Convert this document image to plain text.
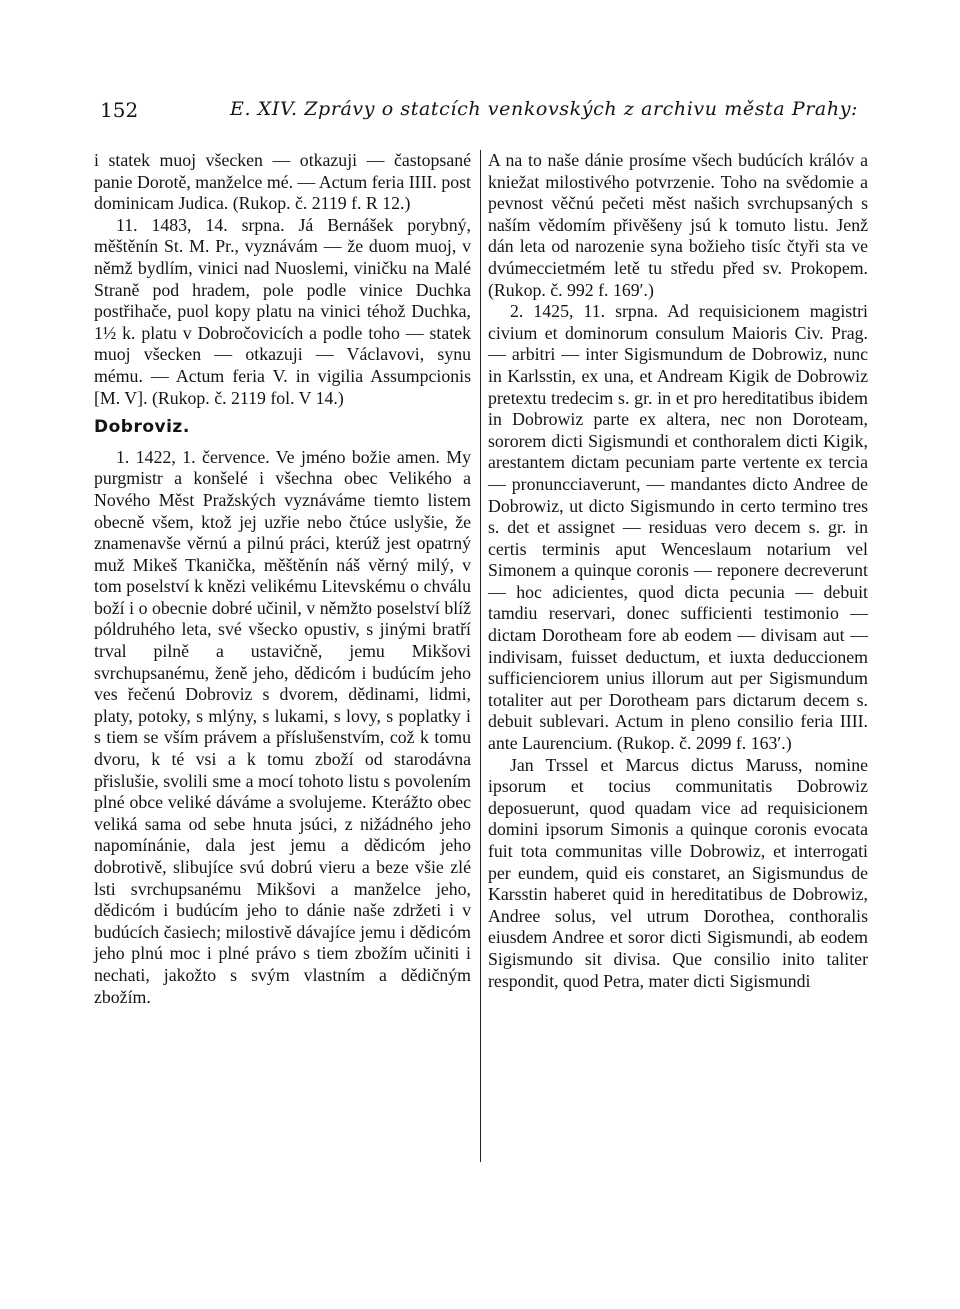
152	E. XIV. Zprávy o statcích venkovských z archivu města Prahy:

i statek muoj všecken — otkazuji — častopsané panie Dorotě, manželce mé. — Actum feria IIII. post dominicam Judica. (Rukop. č. 2119 f. R 12.)

11. 1483, 14. srpna. Já Bernášek porybný, měštěnín St. M. Pr., vyznávám — že duom muoj, v němž bydlím, vinici nad Nuoslemi, viničku na Malé Straně pod hradem, pole podle vinice Duchka postřihače, puol kopy platu na vinici téhož Duchka, 1½ k. platu v Dobročovicích a podle toho — statek muoj všecken — otkazuji — Václavovi, synu mému. — Actum feria V. in vigilia Assumpcionis [M. V]. (Rukop. č. 2119 fol. V 14.)

Dobroviz.

1. 1422, 1. července. Ve jméno božie amen. My purgmistr a konšelé i všechna obec Velikého a Nového Měst Pražských vyznáváme tiemto listem obecně všem, ktož jej uzřie nebo čtúce uslyšie, že znamenavše věrnú a pilnú práci, kterúž jest opatrný muž Mikeš Tkanička, měštěnín náš věrný milý, v tom poselství k knězi velikému Litevskému o chválu boží i o obecnie dobré učinil, v němžto poselství blíž póldruhého leta, své všecko opustiv, s jinými bratří trval pilně a ustavičně, jemu Mikšovi svrchupsanému, ženě jeho, dědicóm i budúcím jeho ves řečenú Dobroviz s dvorem, dědinami, lidmi, platy, potoky, s mlýny, s lukami, s lovy, s poplatky i s tiem se vším právem a příslušenstvím, což k tomu dvoru, k té vsi a k tomu zboží od starodávna přislušie, svolili sme a mocí tohoto listu s povolením plné obce veliké dáváme a svolujeme. Kterážto obec veliká sama od sebe hnuta jsúci, z nižádného jeho napomínánie, dala jest jemu a dědicóm jeho dobrotivě, slibujíce svú dobrú vieru a beze všie zlé lsti svrchupsanému Mikšovi a manželce jeho, dědicóm i budúcím jeho to dánie naše zdržeti i v budúcích časiech; milostivě dávajíce jemu i dědicóm jeho plnú moc i plné právo s tiem zbožím učiniti i nechati, jakožto s svým vlastním a dědičným zbožím.

A na to naše dánie prosíme všech budúcích králóv a kniežat milostivého potvrzenie. Toho na svědomie a pevnost věčnú pečeti měst našich svrchupsaných s naším vědomím přivěšeny jsú k tomuto listu. Jenž dán leta od narozenie syna božieho tisíc čtyři sta ve dvúmeccietmém letě tu středu před sv. Prokopem. (Rukop. č. 992 f. 169′.)

2. 1425, 11. srpna. Ad requisicionem magistri civium et dominorum consulum Maioris Civ. Prag. — arbitri — inter Sigismundum de Dobrowiz, nunc in Karlsstin, ex una, et Andream Kigik de Dobrowiz pretextu tredecim s. gr. in et pro hereditatibus ibidem in Dobrowiz parte ex altera, nec non Doroteam, sororem dicti Sigismundi et conthoralem dicti Kigik, arestantem dictam pecuniam parte vertente ex tercia — pronuncciaverunt, — mandantes dicto Andree de Dobrowiz, ut dicto Sigismundo in certo termino tres s. det et assignet — residuas vero decem s. gr. in certis terminis aput Wenceslaum notarium vel Simonem a quinque coronis — reponere decreverunt — hoc adicientes, quod dicta pecunia — debuit tamdiu reservari, donec sufficienti testimonio — dictam Dorotheam fore ab eodem — divisam aut — indivisam, fuisset deductum, et iuxta deduccionem sufficienciorem unius illorum aut per Sigismundum totaliter aut per Dorotheam pars dictarum decem s. debuit sublevari. Actum in pleno consilio feria IIII. ante Laurencium. (Rukop. č. 2099 f. 163′.)

Jan Trssel et Marcus dictus Maruss, nomine ipsorum et tocius communitatis Dobrowiz deposuerunt, quod quadam vice ad requisicionem domini ipsorum Simonis a quinque coronis evocata fuit tota communitas ville Dobrowiz, et interrogati per eundem, quid eis constaret, an Sigismundus de Karsstin haberet quid in hereditatibus de Dobrowiz, Andree solus, vel utrum Dorothea, conthoralis eiusdem Andree et soror dicti Sigismundi, ab eodem Sigismundo sit divisa. Que consilio inito taliter respondit, quod Petra, mater dicti Sigismundi
